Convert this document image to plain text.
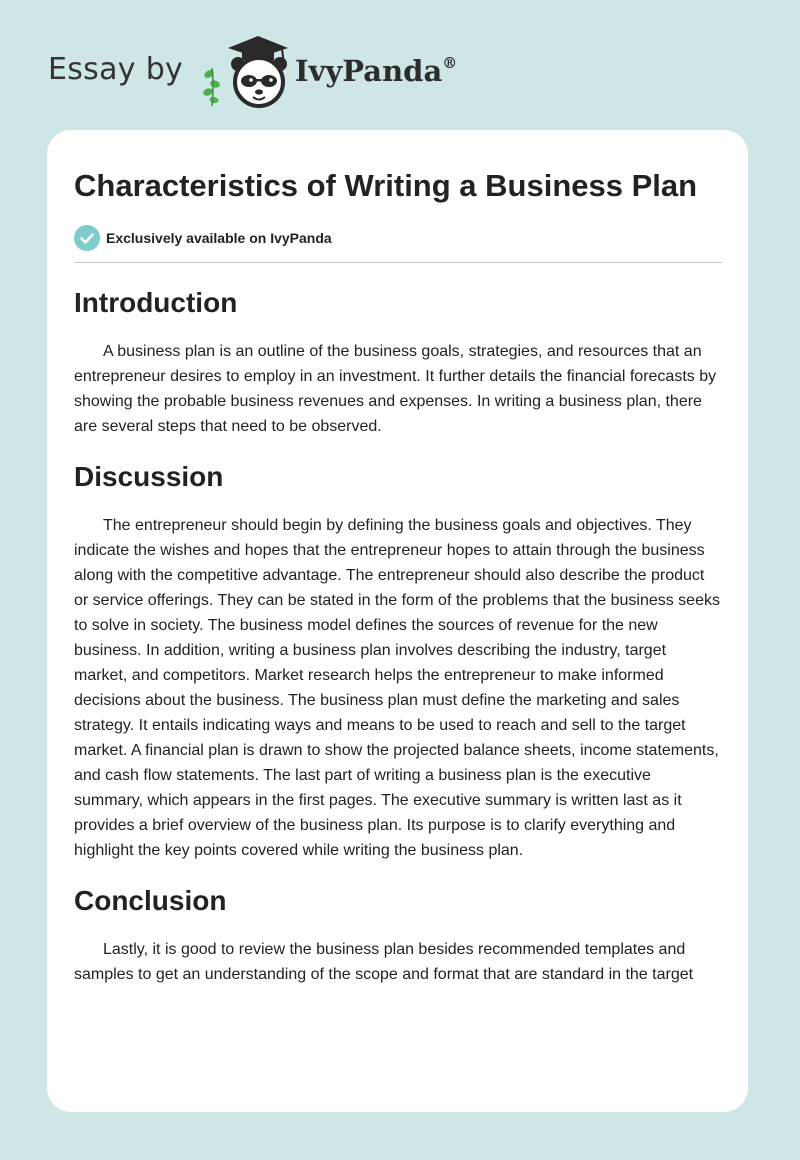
Essay by	IvyPanda®
Characteristics of Writing a Business Plan
Exclusively available on IvyPanda
Introduction

A business plan is an outline of the business goals, strategies, and resources that an entrepreneur desires to employ in an investment. It further details the financial forecasts by showing the probable business revenues and expenses. In writing a business plan, there are several steps that need to be observed.

Discussion

The entrepreneur should begin by defining the business goals and objectives. They indicate the wishes and hopes that the entrepreneur hopes to attain through the business along with the competitive advantage. The entrepreneur should also describe the product or service offerings. They can be stated in the form of the problems that the business seeks to solve in society. The business model defines the sources of revenue for the new business. In addition, writing a business plan involves describing the industry, target market, and competitors. Market research helps the entrepreneur to make informed decisions about the business. The business plan must define the marketing and sales strategy. It entails indicating ways and means to be used to reach and sell to the target market. A financial plan is drawn to show the projected balance sheets, income statements, and cash flow statements. The last part of writing a business plan is the executive summary, which appears in the first pages. The executive summary is written last as it provides a brief overview of the business plan. Its purpose is to clarify everything and highlight the key points covered while writing the business plan.

Conclusion

Lastly, it is good to review the business plan besides recommended templates and samples to get an understanding of the scope and format that are standard in the target
